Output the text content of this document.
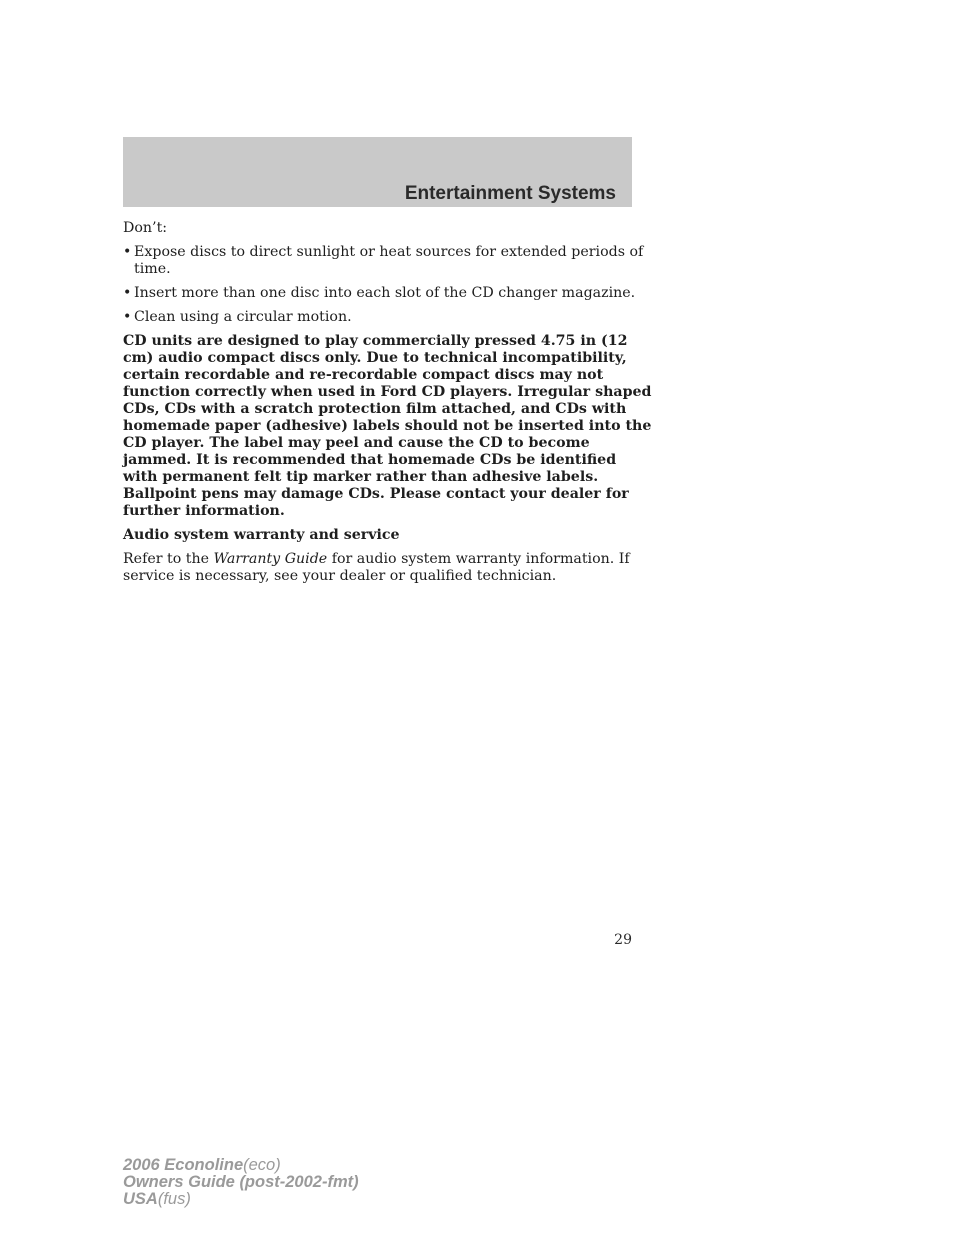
Entertainment Systems
Don’t:
• Expose discs to direct sunlight or heat sources for extended periods of time.
• Insert more than one disc into each slot of the CD changer magazine.
• Clean using a circular motion.
CD units are designed to play commercially pressed 4.75 in (12 cm) audio compact discs only. Due to technical incompatibility, certain recordable and re-recordable compact discs may not function correctly when used in Ford CD players. Irregular shaped CDs, CDs with a scratch protection film attached, and CDs with homemade paper (adhesive) labels should not be inserted into the CD player. The label may peel and cause the CD to become jammed. It is recommended that homemade CDs be identified with permanent felt tip marker rather than adhesive labels. Ballpoint pens may damage CDs. Please contact your dealer for further information.
Audio system warranty and service
Refer to the Warranty Guide for audio system warranty information. If service is necessary, see your dealer or qualified technician.
29
2006 Econoline(eco)
Owners Guide (post-2002-fmt)
USA(fus)
